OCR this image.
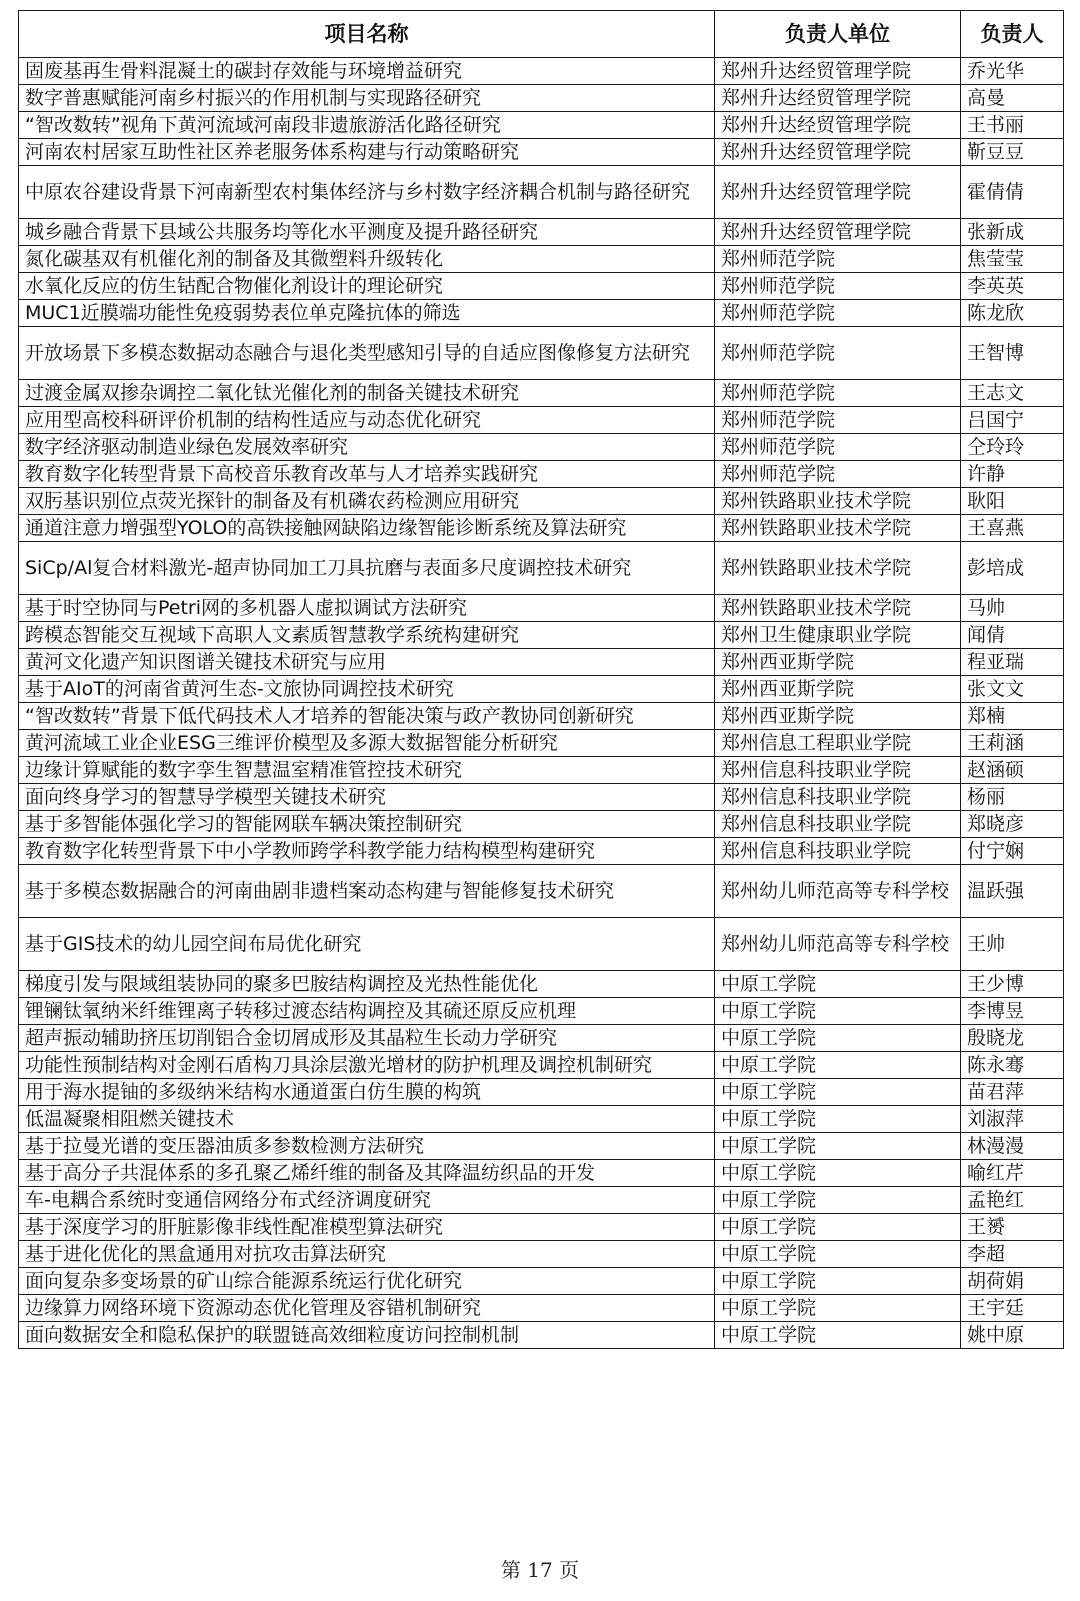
项目名称	负责人单位	负责人
固废基再生骨料混凝土的碳封存效能与环境增益研究	郑州升达经贸管理学院	乔光华
数字普惠赋能河南乡村振兴的作用机制与实现路径研究	郑州升达经贸管理学院	高曼
“智改数转”视角下黄河流域河南段非遗旅游活化路径研究	郑州升达经贸管理学院	王书丽
河南农村居家互助性社区养老服务体系构建与行动策略研究	郑州升达经贸管理学院	靳豆豆
中原农谷建设背景下河南新型农村集体经济与乡村数字经济耦合机制与路径研究	郑州升达经贸管理学院	霍倩倩
城乡融合背景下县域公共服务均等化水平测度及提升路径研究	郑州升达经贸管理学院	张新成
氮化碳基双有机催化剂的制备及其微塑料升级转化	郑州师范学院	焦莹莹
水氧化反应的仿生钴配合物催化剂设计的理论研究	郑州师范学院	李英英
MUC1近膜端功能性免疫弱势表位单克隆抗体的筛选	郑州师范学院	陈龙欣
开放场景下多模态数据动态融合与退化类型感知引导的自适应图像修复方法研究	郑州师范学院	王智博
过渡金属双掺杂调控二氧化钛光催化剂的制备关键技术研究	郑州师范学院	王志文
应用型高校科研评价机制的结构性适应与动态优化研究	郑州师范学院	吕国宁
数字经济驱动制造业绿色发展效率研究	郑州师范学院	仝玲玲
教育数字化转型背景下高校音乐教育改革与人才培养实践研究	郑州师范学院	许静
双肟基识别位点荧光探针的制备及有机磷农药检测应用研究	郑州铁路职业技术学院	耿阳
通道注意力增强型YOLO的高铁接触网缺陷边缘智能诊断系统及算法研究	郑州铁路职业技术学院	王喜燕
SiCp/Al复合材料激光-超声协同加工刀具抗磨与表面多尺度调控技术研究	郑州铁路职业技术学院	彭培成
基于时空协同与Petri网的多机器人虚拟调试方法研究	郑州铁路职业技术学院	马帅
跨模态智能交互视域下高职人文素质智慧教学系统构建研究	郑州卫生健康职业学院	闻倩
黄河文化遗产知识图谱关键技术研究与应用	郑州西亚斯学院	程亚瑞
基于AIoT的河南省黄河生态-文旅协同调控技术研究	郑州西亚斯学院	张文文
“智改数转”背景下低代码技术人才培养的智能决策与政产教协同创新研究	郑州西亚斯学院	郑楠
黄河流域工业企业ESG三维评价模型及多源大数据智能分析研究	郑州信息工程职业学院	王莉涵
边缘计算赋能的数字孪生智慧温室精准管控技术研究	郑州信息科技职业学院	赵涵硕
面向终身学习的智慧导学模型关键技术研究	郑州信息科技职业学院	杨丽
基于多智能体强化学习的智能网联车辆决策控制研究	郑州信息科技职业学院	郑晓彦
教育数字化转型背景下中小学教师跨学科教学能力结构模型构建研究	郑州信息科技职业学院	付宁娴
基于多模态数据融合的河南曲剧非遗档案动态构建与智能修复技术研究	郑州幼儿师范高等专科学校	温跃强
基于GIS技术的幼儿园空间布局优化研究	郑州幼儿师范高等专科学校	王帅
梯度引发与限域组装协同的聚多巴胺结构调控及光热性能优化	中原工学院	王少博
锂镧钛氧纳米纤维锂离子转移过渡态结构调控及其硫还原反应机理	中原工学院	李博昱
超声振动辅助挤压切削铝合金切屑成形及其晶粒生长动力学研究	中原工学院	殷晓龙
功能性预制结构对金刚石盾构刀具涂层激光增材的防护机理及调控机制研究	中原工学院	陈永骞
用于海水提铀的多级纳米结构水通道蛋白仿生膜的构筑	中原工学院	苗君萍
低温凝聚相阻燃关键技术	中原工学院	刘淑萍
基于拉曼光谱的变压器油质多参数检测方法研究	中原工学院	林漫漫
基于高分子共混体系的多孔聚乙烯纤维的制备及其降温纺织品的开发	中原工学院	喻红芹
车-电耦合系统时变通信网络分布式经济调度研究	中原工学院	孟艳红
基于深度学习的肝脏影像非线性配准模型算法研究	中原工学院	王赟
基于进化优化的黑盒通用对抗攻击算法研究	中原工学院	李超
面向复杂多变场景的矿山综合能源系统运行优化研究	中原工学院	胡荷娟
边缘算力网络环境下资源动态优化管理及容错机制研究	中原工学院	王宇廷
面向数据安全和隐私保护的联盟链高效细粒度访问控制机制	中原工学院	姚中原
第 17 页
